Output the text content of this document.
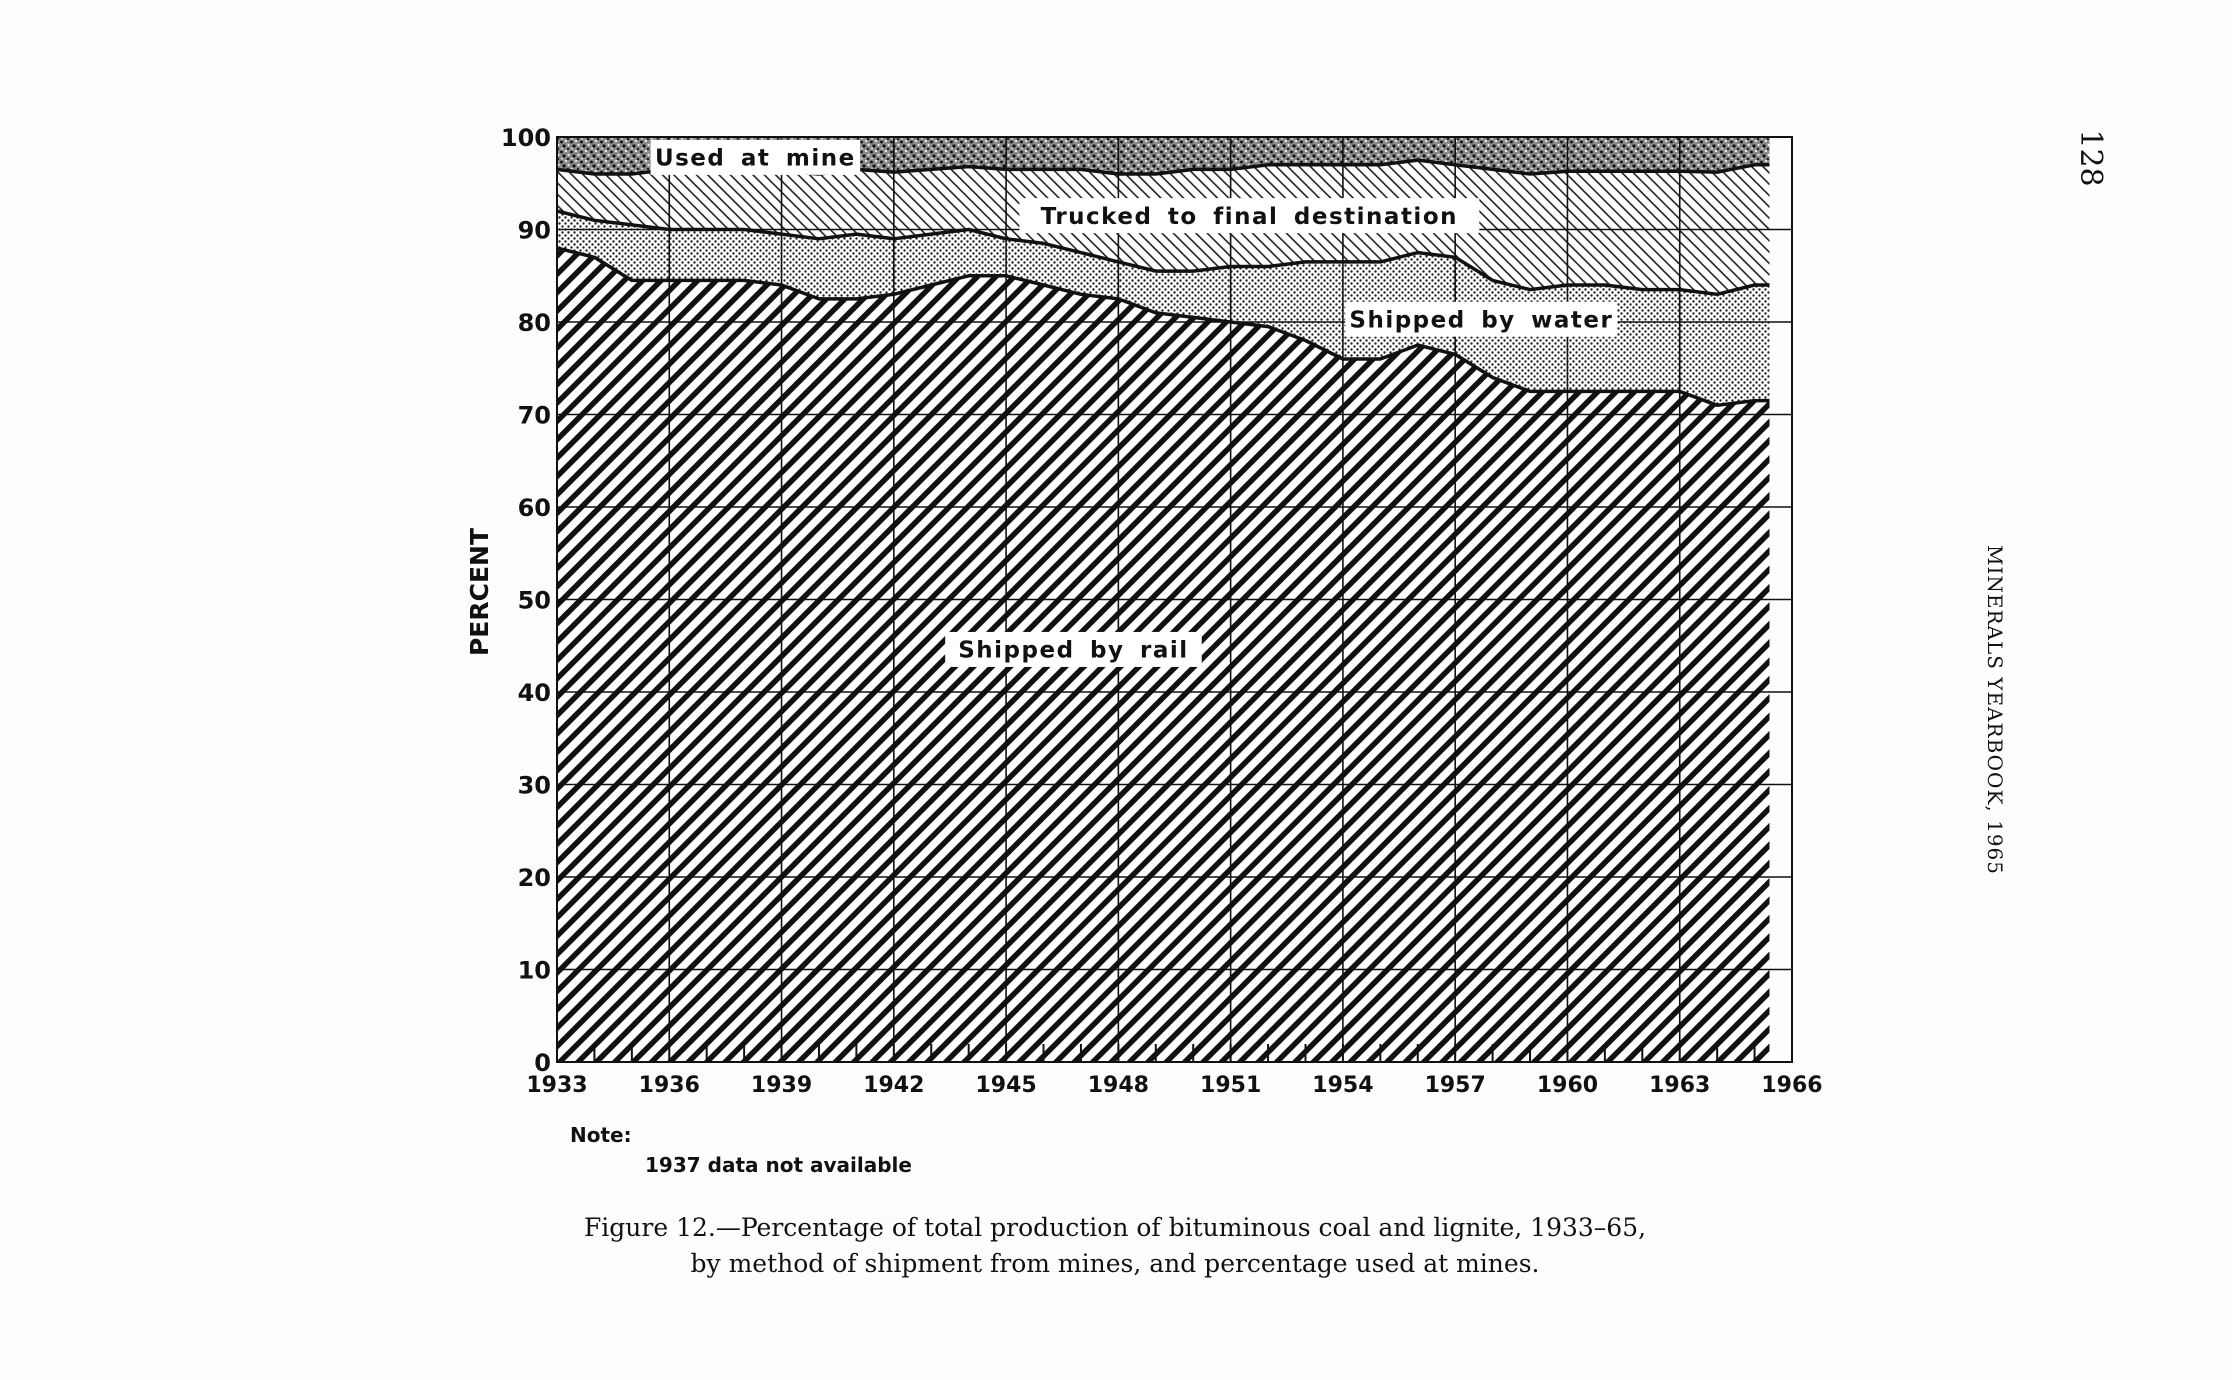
0
10
20
30
40
50
60
70
80
90
100
1933 1936 1939 1942 1945 1948 1951 1954 1957 1960 1963 1966
Used at mine
Trucked to final destination
Shipped by water
Shipped by rail
PERCENT
128
MINERALS YEARBOOK, 1965
Note:
1937 data not available
Figure 12.—Percentage of total production of bituminous coal and lignite, 1933–65,
by method of shipment from mines, and percentage used at mines.
